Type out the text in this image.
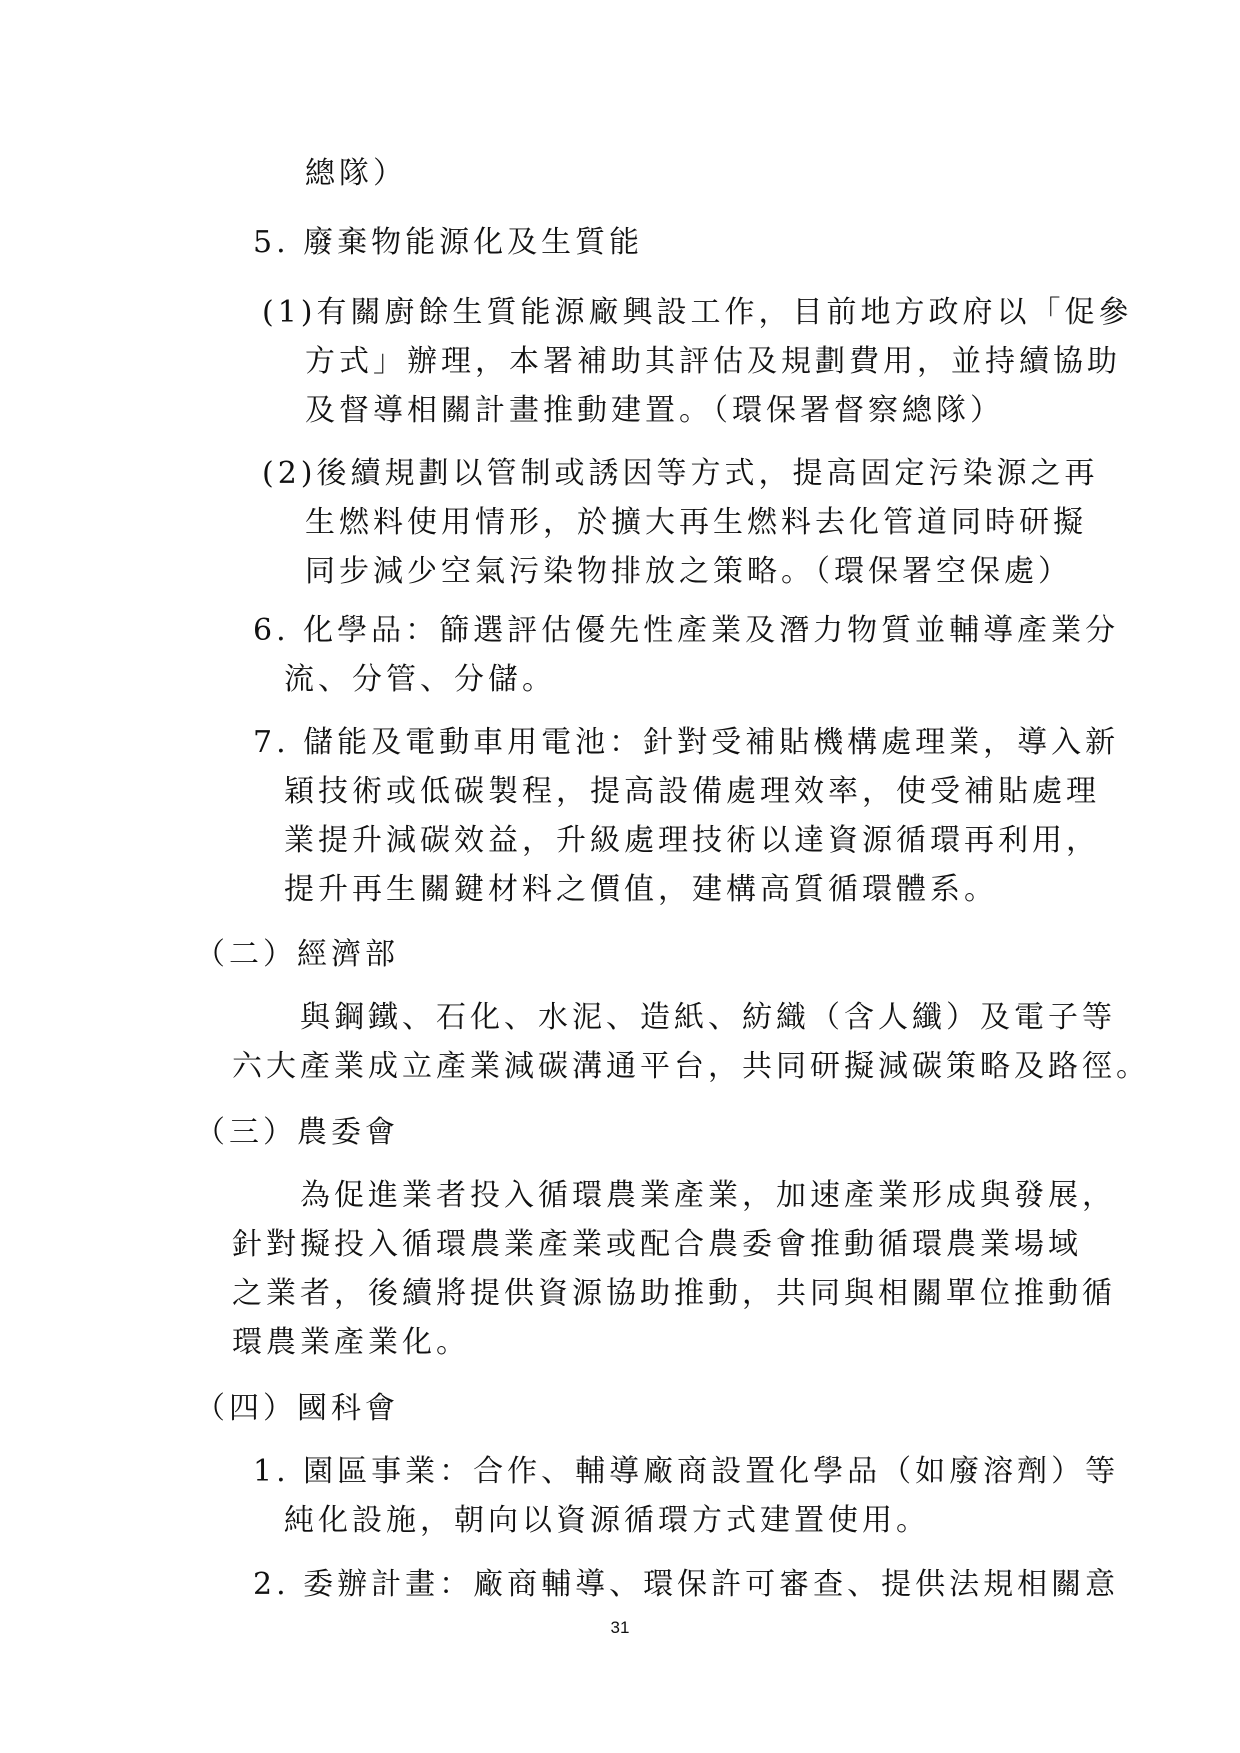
總隊）
5. 廢棄物能源化及生質能
(1)有關廚餘生質能源廠興設工作，目前地方政府以「促參
方式」辦理，本署補助其評估及規劃費用，並持續協助
及督導相關計畫推動建置。（環保署督察總隊）
(2)後續規劃以管制或誘因等方式，提高固定污染源之再
生燃料使用情形，於擴大再生燃料去化管道同時研擬
同步減少空氣污染物排放之策略。（環保署空保處）
6. 化學品：篩選評估優先性產業及潛力物質並輔導產業分
流、分管、分儲。
7. 儲能及電動車用電池：針對受補貼機構處理業，導入新
穎技術或低碳製程，提高設備處理效率，使受補貼處理
業提升減碳效益，升級處理技術以達資源循環再利用，
提升再生關鍵材料之價值，建構高質循環體系。
（二）經濟部
與鋼鐵、石化、水泥、造紙、紡織（含人纖）及電子等
六大產業成立產業減碳溝通平台，共同研擬減碳策略及路徑。
（三）農委會
為促進業者投入循環農業產業，加速產業形成與發展，
針對擬投入循環農業產業或配合農委會推動循環農業場域
之業者，後續將提供資源協助推動，共同與相關單位推動循
環農業產業化。
（四）國科會
1. 園區事業：合作、輔導廠商設置化學品（如廢溶劑）等
純化設施，朝向以資源循環方式建置使用。
2. 委辦計畫：廠商輔導、環保許可審查、提供法規相關意
31
